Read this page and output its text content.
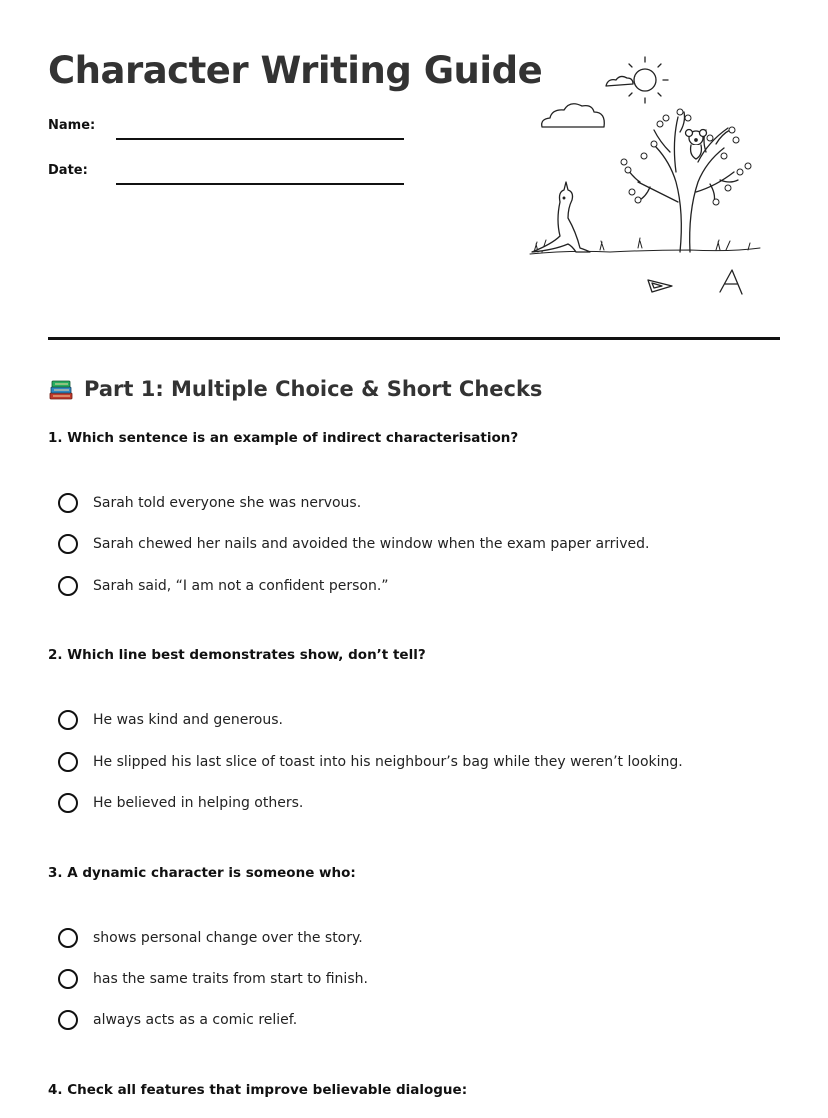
Character Writing Guide
Name:
Date:
Part 1: Multiple Choice & Short Checks
1. Which sentence is an example of indirect characterisation?
Sarah told everyone she was nervous.
Sarah chewed her nails and avoided the window when the exam paper arrived.
Sarah said, “I am not a confident person.”
2. Which line best demonstrates show, don’t tell?
He was kind and generous.
He slipped his last slice of toast into his neighbour’s bag while they weren’t looking.
He believed in helping others.
3. A dynamic character is someone who:
shows personal change over the story.
has the same traits from start to finish.
always acts as a comic relief.
4. Check all features that improve believable dialogue:
